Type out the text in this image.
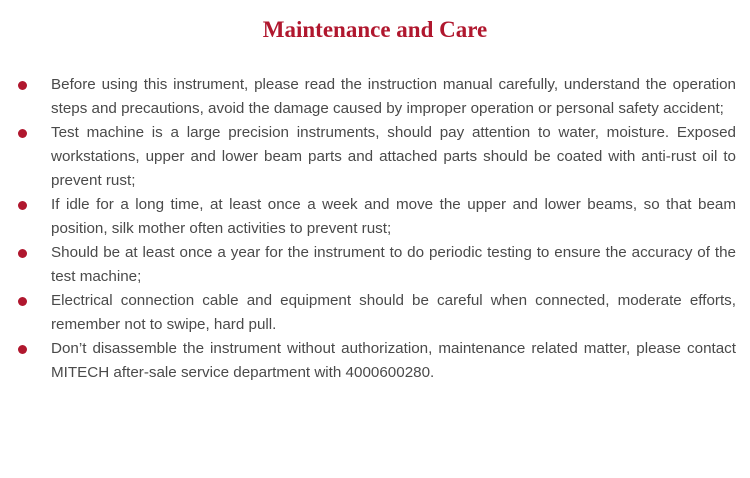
Maintenance and Care
Before using this instrument, please read the instruction manual carefully, understand the operation steps and precautions, avoid the damage caused by improper operation or personal safety accident;
Test machine is a large precision instruments, should pay attention to water, moisture. Exposed workstations, upper and lower beam parts and attached parts should be coated with anti-rust oil to prevent rust;
If idle for a long time, at least once a week and move the upper and lower beams, so that beam position, silk mother often activities to prevent rust;
Should be at least once a year for the instrument to do periodic testing to ensure the accuracy of the test machine;
Electrical connection cable and equipment should be careful when connected, moderate efforts, remember not to swipe, hard pull.
Don’t disassemble the instrument without authorization, maintenance related matter, please contact MITECH after-sale service department with 4000600280.
